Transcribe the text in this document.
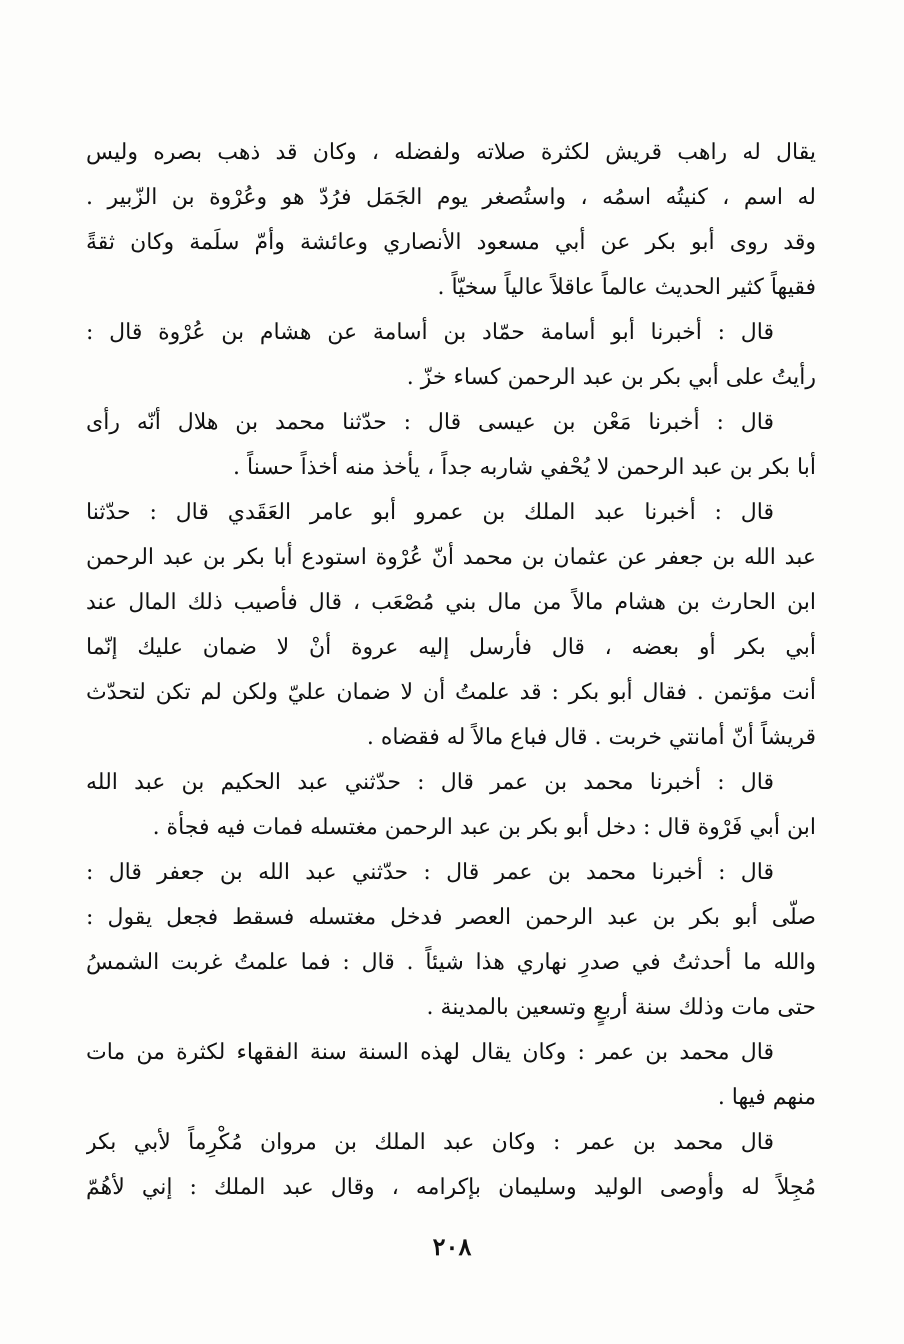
يقال له راهب قريش لكثرة صلاته ولفضله ، وكان قد ذهب بصره وليس
له اسم ، كنيتُه اسمُه ، واستُصغر يوم الجَمَل فرُدّ هو وعُرْوة بن الزّبير .
وقد روى أبو بكر عن أبي مسعود الأنصاري وعائشة وأمّ سلَمة وكان ثقةً
فقيهاً كثير الحديث عالماً عاقلاً عالياً سخيّاً .
قال : أخبرنا أبو أسامة حمّاد بن أسامة عن هشام بن عُرْوة قال :
رأيتُ على أبي بكر بن عبد الرحمن كساء خزّ .
قال : أخبرنا مَعْن بن عيسى قال : حدّثنا محمد بن هلال أنّه رأى
أبا بكر بن عبد الرحمن لا يُحْفي شاربه جداً ، يأخذ منه أخذاً حسناً .
قال : أخبرنا عبد الملك بن عمرو أبو عامر العَقَدي قال : حدّثنا
عبد الله بن جعفر عن عثمان بن محمد أنّ عُرْوة استودع أبا بكر بن عبد الرحمن
ابن الحارث بن هشام مالاً من مال بني مُصْعَب ، قال فأصيب ذلك المال عند
أبي بكر أو بعضه ، قال فأرسل إليه عروة أنْ لا ضمان عليك إنّما
أنت مؤتمن . فقال أبو بكر : قد علمتُ أن لا ضمان عليّ ولكن لم تكن لتحدّث
قريشاً أنّ أمانتي خربت . قال فباع مالاً له فقضاه .
قال : أخبرنا محمد بن عمر قال : حدّثني عبد الحكيم بن عبد الله
ابن أبي فَرْوة قال : دخل أبو بكر بن عبد الرحمن مغتسله فمات فيه فجأة .
قال : أخبرنا محمد بن عمر قال : حدّثني عبد الله بن جعفر قال :
صلّى أبو بكر بن عبد الرحمن العصر فدخل مغتسله فسقط فجعل يقول :
والله ما أحدثتُ في صدرِ نهاري هذا شيئاً . قال : فما علمتُ غربت الشمسُ
حتى مات وذلك سنة أربعٍ وتسعين بالمدينة .
قال محمد بن عمر : وكان يقال لهذه السنة سنة الفقهاء لكثرة من مات
منهم فيها .
قال محمد بن عمر : وكان عبد الملك بن مروان مُكْرِماً لأبي بكر
مُجِلاً له وأوصى الوليد وسليمان بإكرامه ، وقال عبد الملك : إني لأهُمّ
٢٠٨
